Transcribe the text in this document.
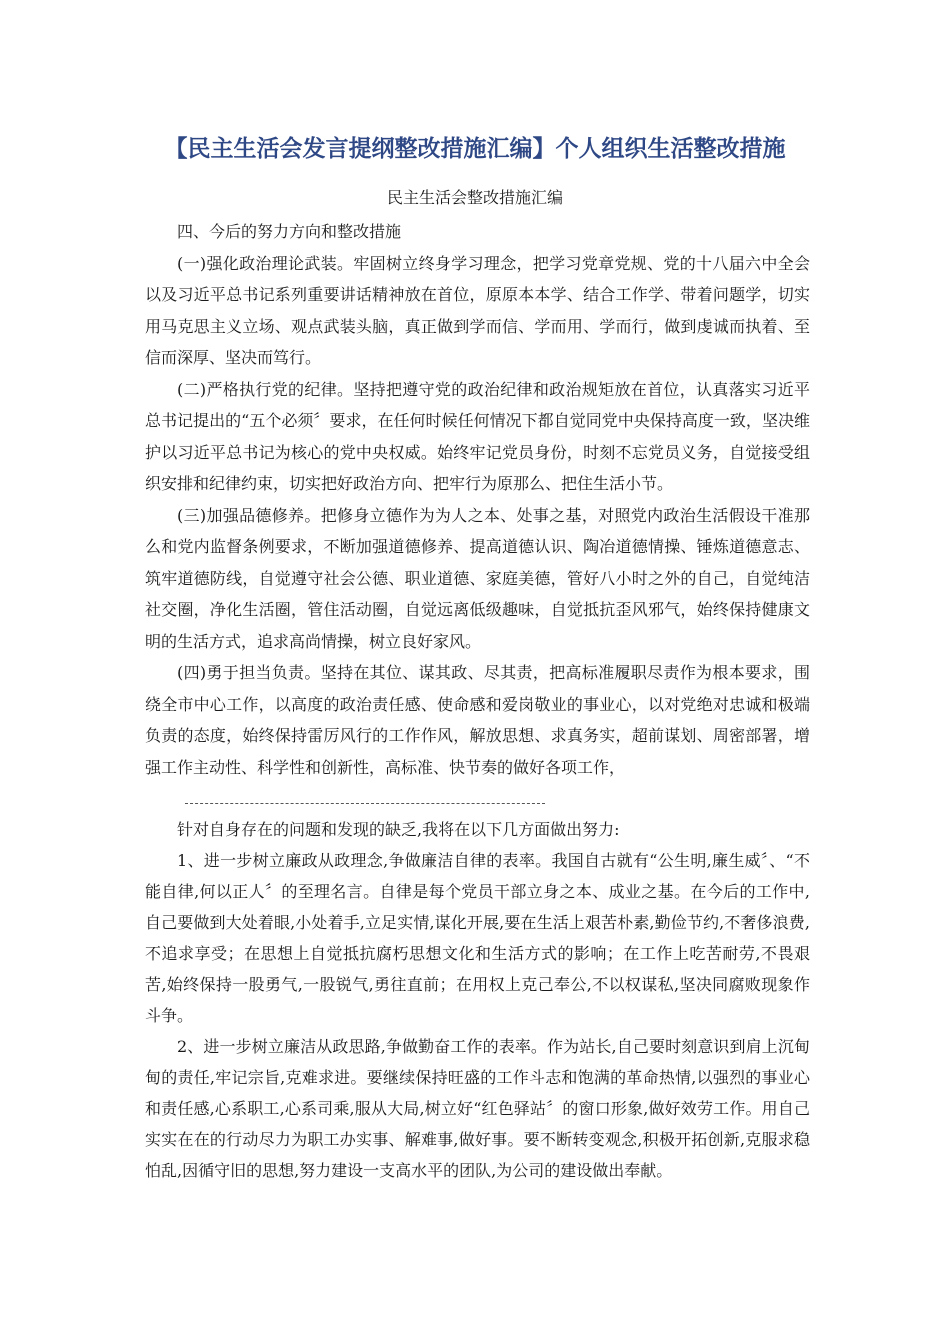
【民主生活会发言提纲整改措施汇编】个人组织生活整改措施
民主生活会整改措施汇编

四、今后的努力方向和整改措施

(一)强化政治理论武装。牢固树立终身学习理念，把学习党章党规、党的十八届六中全会以及习近平总书记系列重要讲话精神放在首位，原原本本学、结合工作学、带着问题学，切实用马克思主义立场、观点武装头脑，真正做到学而信、学而用、学而行，做到虔诚而执着、至信而深厚、坚决而笃行。

(二)严格执行党的纪律。坚持把遵守党的政治纪律和政治规矩放在首位，认真落实习近平总书记提出的“五个必须〞要求，在任何时候任何情况下都自觉同党中央保持高度一致，坚决维护以习近平总书记为核心的党中央权威。始终牢记党员身份，时刻不忘党员义务，自觉接受组织安排和纪律约束，切实把好政治方向、把牢行为原那么、把住生活小节。

(三)加强品德修养。把修身立德作为为人之本、处事之基，对照党内政治生活假设干准那么和党内监督条例要求，不断加强道德修养、提高道德认识、陶冶道德情操、锤炼道德意志、筑牢道德防线，自觉遵守社会公德、职业道德、家庭美德，管好八小时之外的自己，自觉纯洁社交圈，净化生活圈，管住活动圈，自觉远离低级趣味，自觉抵抗歪风邪气，始终保持健康文明的生活方式，追求高尚情操，树立良好家风。

(四)勇于担当负责。坚持在其位、谋其政、尽其责，把高标准履职尽责作为根本要求，围绕全市中心工作，以高度的政治责任感、使命感和爱岗敬业的事业心，以对党绝对忠诚和极端负责的态度，始终保持雷厉风行的工作作风，解放思想、求真务实，超前谋划、周密部署，增强工作主动性、科学性和创新性，高标准、快节奏的做好各项工作，

针对自身存在的问题和发现的缺乏,我将在以下几方面做出努力:

1、进一步树立廉政从政理念,争做廉洁自律的表率。我国自古就有“公生明,廉生威〞、“不能自律,何以正人〞的至理名言。自律是每个党员干部立身之本、成业之基。在今后的工作中,自己要做到大处着眼,小处着手,立足实情,谋化开展,要在生活上艰苦朴素,勤俭节约,不奢侈浪费,不追求享受；在思想上自觉抵抗腐朽思想文化和生活方式的影响；在工作上吃苦耐劳,不畏艰苦,始终保持一股勇气,一股锐气,勇往直前；在用权上克己奉公,不以权谋私,坚决同腐败现象作斗争。

2、进一步树立廉洁从政思路,争做勤奋工作的表率。作为站长,自己要时刻意识到肩上沉甸甸的责任,牢记宗旨,克难求进。要继续保持旺盛的工作斗志和饱满的革命热情,以强烈的事业心和责任感,心系职工,心系司乘,服从大局,树立好“红色驿站〞的窗口形象,做好效劳工作。用自己实实在在的行动尽力为职工办实事、解难事,做好事。要不断转变观念,积极开拓创新,克服求稳怕乱,因循守旧的思想,努力建设一支高水平的团队,为公司的建设做出奉献。
